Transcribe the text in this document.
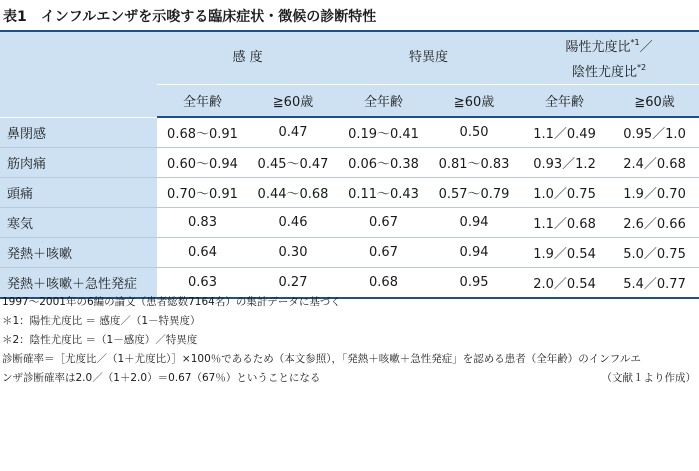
表1 インフルエンザを示唆する臨床症状・徴候の診断特性
	感 度		特異度		陽性尤度比$^{*1}$／
陰性尤度比$^{*2}$
	全年齢	≧60歳	全年齢	≧60歳	全年齢	≧60歳
鼻閉感	0.68〜0.91	0.47	0.19〜0.41	0.50	1.1／0.49	0.95／1.0
筋肉痛	0.60〜0.94	0.45〜0.47	0.06〜0.38	0.81〜0.83	0.93／1.2	2.4／0.68
頭痛	0.70〜0.91	0.44〜0.68	0.11〜0.43	0.57〜0.79	1.0／0.75	1.9／0.70
寒気	0.83	0.46	0.67	0.94	1.1／0.68	2.6／0.66
発熱＋咳嗽	0.64	0.30	0.67	0.94	1.9／0.54	5.0／0.75
発熱＋咳嗽＋急性発症	0.63	0.27	0.68	0.95	2.0／0.54	5.4／0.77
1997〜2001年の6編の論文（患者総数7164名）の集計データに基づく
＊1：陽性尤度比 ＝ 感度／（1－特異度）
＊2：陰性尤度比 ＝（1－感度）／特異度
診断確率＝［尤度比／（1＋尤度比）］×100％であるため（本文参照），「発熱＋咳嗽＋急性発症」を認める患者（全年齢）のインフルエ
ンザ診断確率は2.0／（1＋2.0）＝0.67（67％）ということになる	（文献１より作成）
